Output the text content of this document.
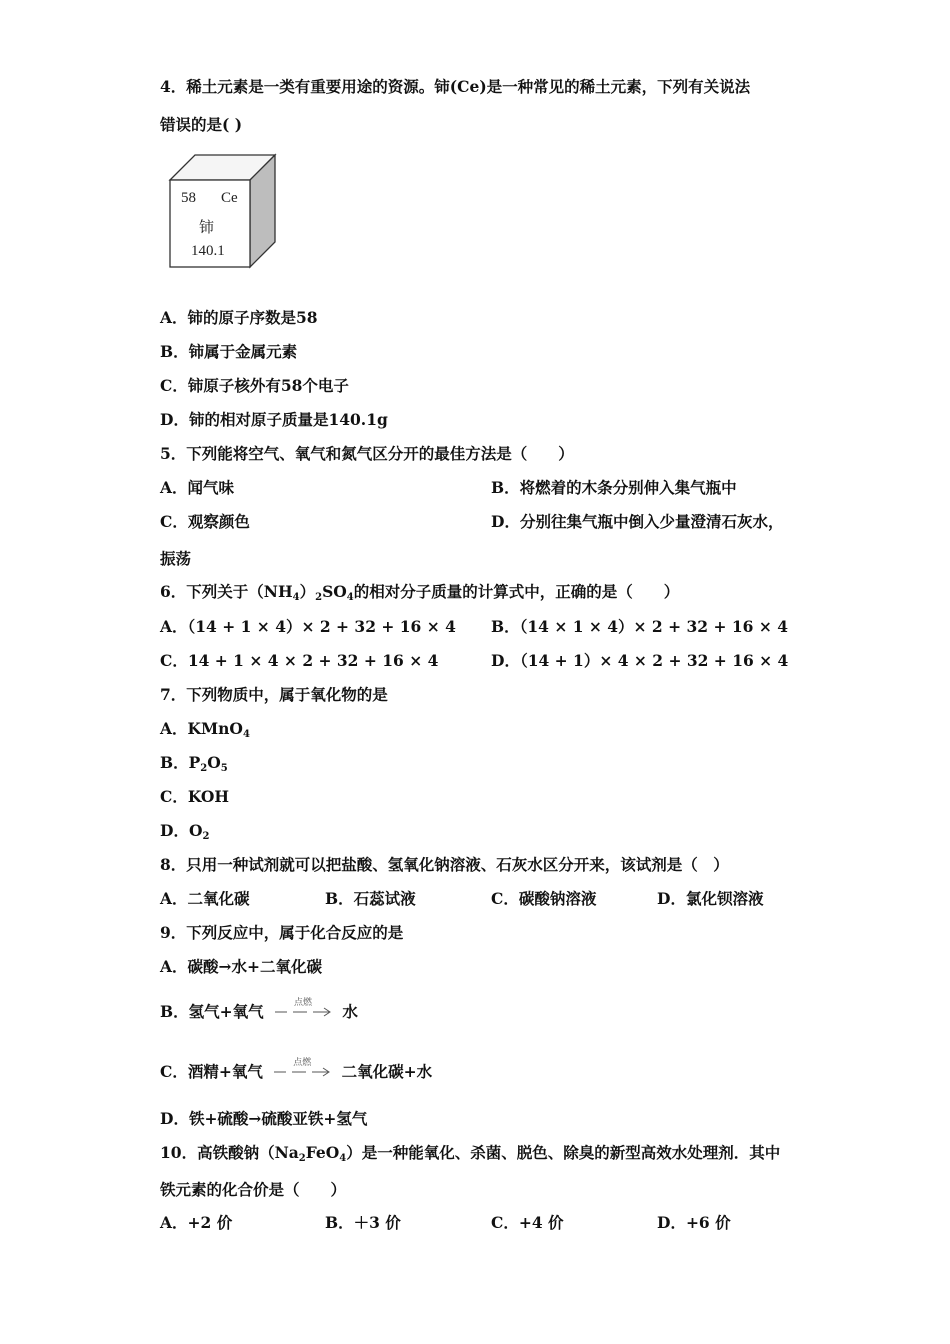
4．稀土元素是一类有重要用途的资源。铈(Ce)是一种常见的稀土元素，下列有关说法
错误的是( )
58 Ce
铈
140.1
A．铈的原子序数是58
B．铈属于金属元素
C．铈原子核外有58个电子
D．铈的相对原子质量是140.1g
5．下列能将空气、氧气和氮气区分开的最佳方法是（　　）
A．闻气味	B．将燃着的木条分别伸入集气瓶中
C．观察颜色	D．分别往集气瓶中倒入少量澄清石灰水，
振荡
6．下列关于$(NH_4)_2SO_4$的相对分子质量的计算式中，正确的是（　　）
A．（14 + 1 × 4）× 2 + 32 + 16 × 4 B．（14 × 1 × 4）× 2 + 32 + 16 × 4
C．14 + 1 × 4 × 2 + 32 + 16 × 4	D．（14 + 1）× 4 × 2 + 32 + 16 × 4
7．下列物质中，属于氧化物的是
A．KMnO$_4$
B．$P_2O_5$
C．KOH
D．$O_2$
8．只用一种试剂就可以把盐酸、氢氧化钠溶液、石灰水区分开来，该试剂是（　）
A．二氧化碳	B．石蕊试液	C．碳酸钠溶液	D．氯化钡溶液
9．下列反应中，属于化合反应的是
A．碳酸→水+二氧化碳
B．氢气+氧气	点燃	水
C．酒精+氧气	点燃	二氧化碳+水
D．铁+硫酸→硫酸亚铁+氢气
10．高铁酸钠$(Na_2FeO_4)$是一种能氧化、杀菌、脱色、除臭的新型高效水处理剂．其中
铁元素的化合价是（　　）
A．+2 价	B．＋3 价	C．+4 价	D．+6 价
